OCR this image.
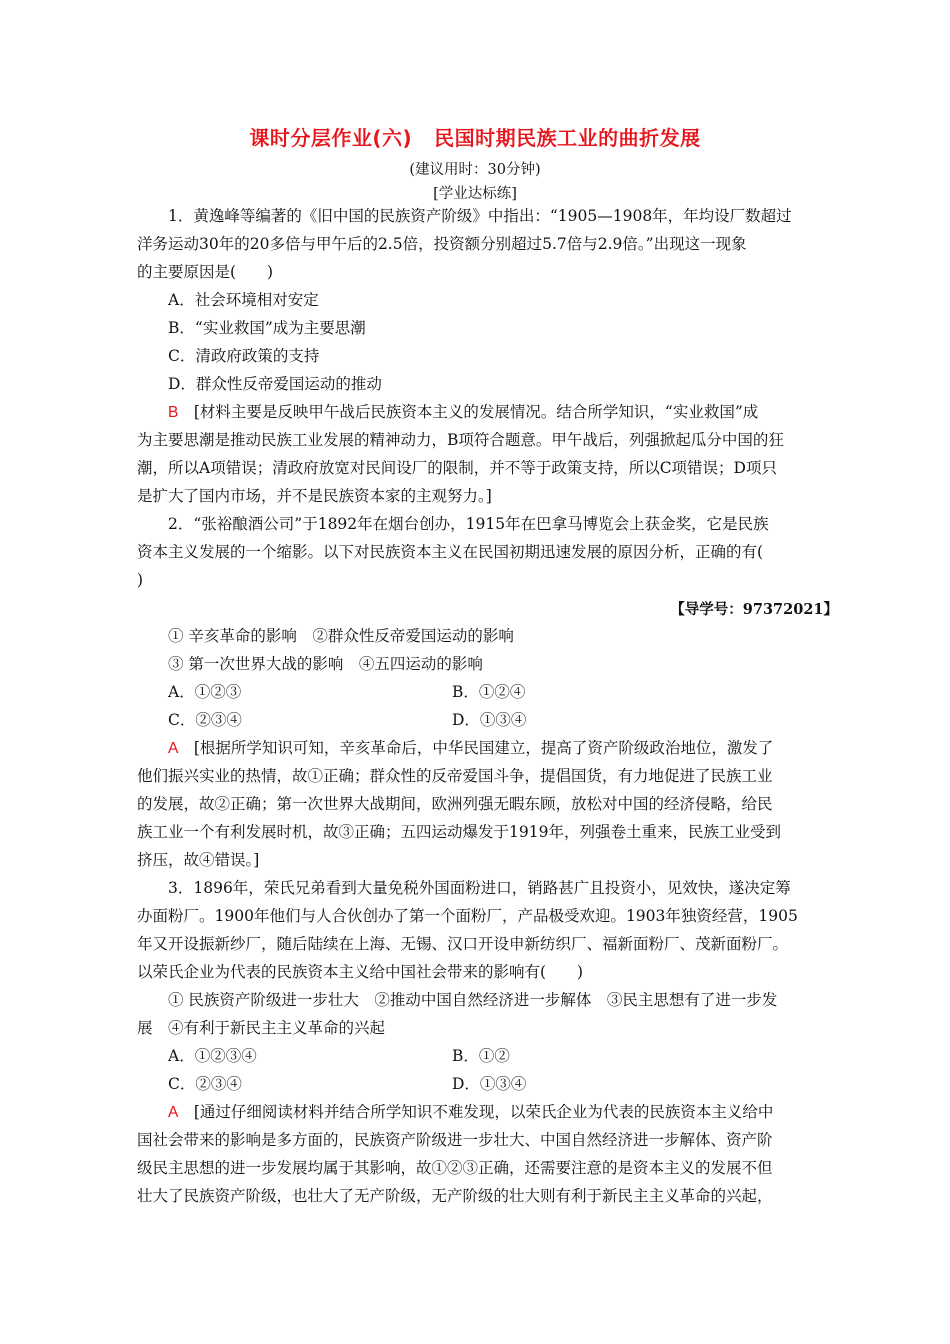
课时分层作业(六) 民国时期民族工业的曲折发展
(建议用时：30分钟)
[学业达标练]
1．黄逸峰等编著的《旧中国的民族资产阶级》中指出：“1905—1908年，年均设厂数超过
洋务运动30年的20多倍与甲午后的2.5倍，投资额分别超过5.7倍与2.9倍。”出现这一现象
的主要原因是(　　)
A．社会环境相对安定
B．“实业救国”成为主要思潮
C．清政府政策的支持
D．群众性反帝爱国运动的推动
B　 [材料主要是反映甲午战后民族资本主义的发展情况。结合所学知识，“实业救国”成
为主要思潮是推动民族工业发展的精神动力，B项符合题意。甲午战后，列强掀起瓜分中国的狂
潮，所以A项错误；清政府放宽对民间设厂的限制，并不等于政策支持，所以C项错误；D项只
是扩大了国内市场，并不是民族资本家的主观努力。]
2．“张裕酿酒公司”于1892年在烟台创办，1915年在巴拿马博览会上获金奖，它是民族
资本主义发展的一个缩影。以下对民族资本主义在民国初期迅速发展的原因分析，正确的有(
)
【导学号：97372021】
① 辛亥革命的影响　②群众性反帝爱国运动的影响
③ 第一次世界大战的影响　④五四运动的影响
A．①②③	B．①②④
C．②③④	D．①③④
A　 [根据所学知识可知，辛亥革命后，中华民国建立，提高了资产阶级政治地位，激发了
他们振兴实业的热情，故①正确；群众性的反帝爱国斗争，提倡国货，有力地促进了民族工业
的发展，故②正确；第一次世界大战期间，欧洲列强无暇东顾，放松对中国的经济侵略，给民
族工业一个有利发展时机，故③正确；五四运动爆发于1919年，列强卷土重来，民族工业受到
挤压，故④错误。]
3．1896年，荣氏兄弟看到大量免税外国面粉进口，销路甚广且投资小，见效快，遂决定筹
办面粉厂。1900年他们与人合伙创办了第一个面粉厂，产品极受欢迎。1903年独资经营，1905
年又开设振新纱厂，随后陆续在上海、无锡、汉口开设申新纺织厂、福新面粉厂、茂新面粉厂。
以荣氏企业为代表的民族资本主义给中国社会带来的影响有(　　)
① 民族资产阶级进一步壮大　②推动中国自然经济进一步解体　③民主思想有了进一步发
展　④有利于新民主主义革命的兴起
A．①②③④	B．①②
C．②③④	D．①③④
A　 [通过仔细阅读材料并结合所学知识不难发现，以荣氏企业为代表的民族资本主义给中
国社会带来的影响是多方面的，民族资产阶级进一步壮大、中国自然经济进一步解体、资产阶
级民主思想的进一步发展均属于其影响，故①②③正确，还需要注意的是资本主义的发展不但
壮大了民族资产阶级，也壮大了无产阶级，无产阶级的壮大则有利于新民主主义革命的兴起，
